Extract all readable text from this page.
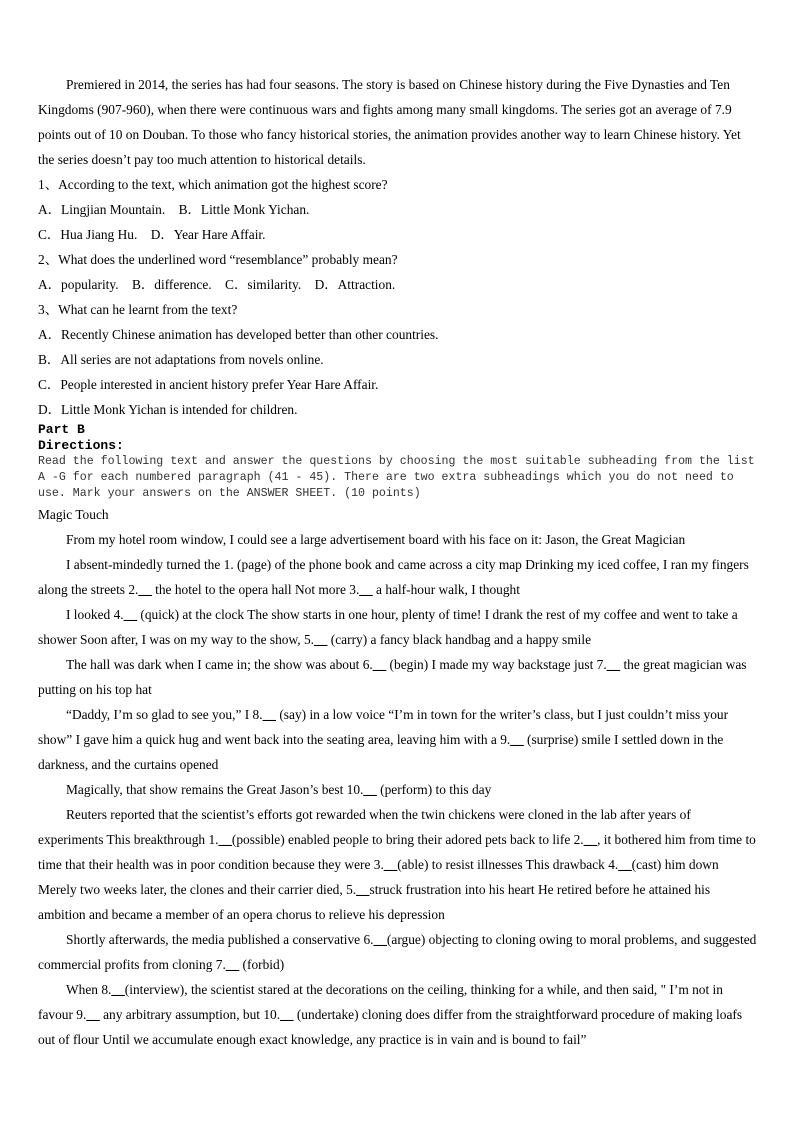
Premiered in 2014, the series has had four seasons. The story is based on Chinese history during the Five Dynasties and Ten Kingdoms (907-960), when there were continuous wars and fights among many small kingdoms. The series got an average of 7.9 points out of 10 on Douban. To those who fancy historical stories, the animation provides another way to learn Chinese history. Yet the series doesn’t pay too much attention to historical details.

1、According to the text, which animation got the highest score?

A．Lingjian Mountain.    B．Little Monk Yichan.

C．Hua Jiang Hu.    D．Year Hare Affair.

2、What does the underlined word “resemblance” probably mean?

A．popularity.    B．difference.    C．similarity.    D．Attraction.

3、What can he learnt from the text?

A．Recently Chinese animation has developed better than other countries.

B．All series are not adaptations from novels online.

C．People interested in ancient history prefer Year Hare Affair.

D．Little Monk Yichan is intended for children.

Part B

Directions:

Read the following text and answer the questions by choosing the most suitable subheading from the list A -G for each numbered paragraph (41 - 45). There are two extra subheadings which you do not need to use. Mark your answers on the ANSWER SHEET. (10 points)

Magic Touch

From my hotel room window, I could see a large advertisement board with his face on it: Jason, the Great Magician

I absent-mindedly turned the 1. (page) of the phone book and came across a city map Drinking my iced coffee, I ran my fingers along the streets 2.__ the hotel to the opera hall Not more 3.__ a half-hour walk, I thought

I looked 4.__ (quick) at the clock The show starts in one hour, plenty of time! I drank the rest of my coffee and went to take a shower Soon after, I was on my way to the show, 5.__ (carry) a fancy black handbag and a happy smile

The hall was dark when I came in; the show was about 6.__ (begin) I made my way backstage just 7.__ the great magician was putting on his top hat

“Daddy, I’m so glad to see you,” I 8.__ (say) in a low voice “I’m in town for the writer’s class, but I just couldn’t miss your show” I gave him a quick hug and went back into the seating area, leaving him with a 9.__ (surprise) smile I settled down in the darkness, and the curtains opened

Magically, that show remains the Great Jason’s best 10.__ (perform) to this day

Reuters reported that the scientist’s efforts got rewarded when the twin chickens were cloned in the lab after years of experiments This breakthrough 1.__(possible) enabled people to bring their adored pets back to life 2.__, it bothered him from time to time that their health was in poor condition because they were 3.__(able) to resist illnesses This drawback 4.__(cast) him down Merely two weeks later, the clones and their carrier died, 5.__struck frustration into his heart He retired before he attained his ambition and became a member of an opera chorus to relieve his depression

Shortly afterwards, the media published a conservative 6.__(argue) objecting to cloning owing to moral problems, and suggested commercial profits from cloning 7.__ (forbid)

When 8.__(interview), the scientist stared at the decorations on the ceiling, thinking for a while, and then said, " I’m not in favour 9.__ any arbitrary assumption, but 10.__ (undertake) cloning does differ from the straightforward procedure of making loafs out of flour Until we accumulate enough exact knowledge, any practice is in vain and is bound to fail”
